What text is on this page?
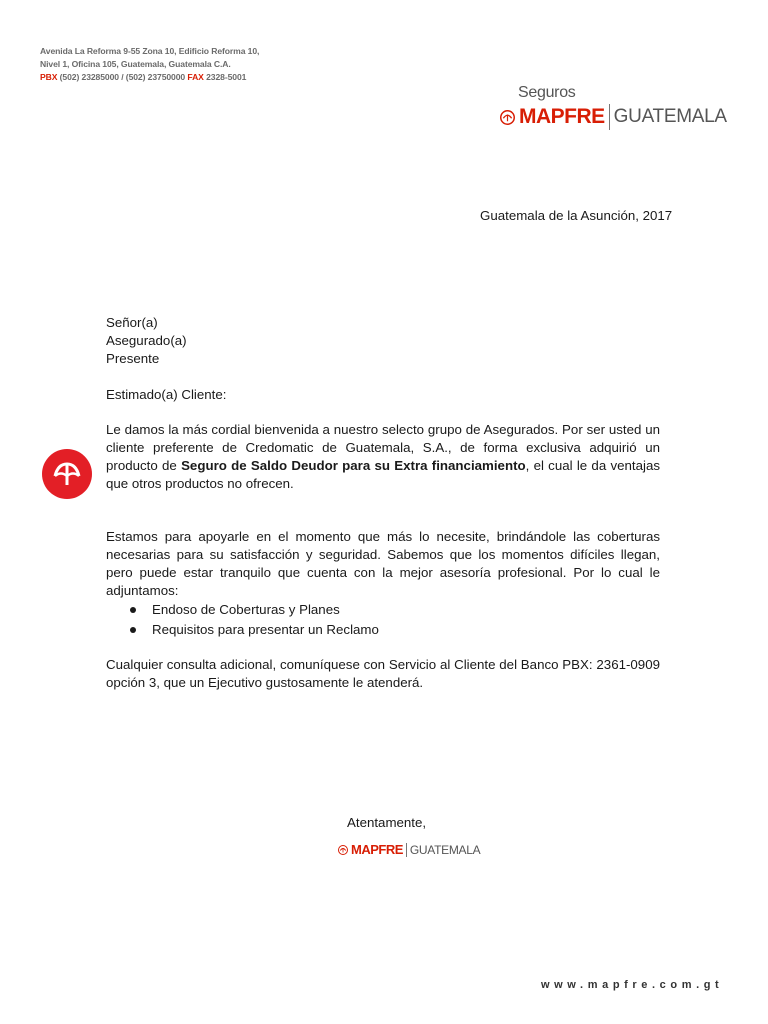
Avenida La Reforma 9-55 Zona 10, Edificio Reforma 10,
Nivel 1, Oficina 105, Guatemala, Guatemala C.A.
PBX (502) 23285000 / (502) 23750000 FAX 2328-5001
Seguros
MAPFRE GUATEMALA
Guatemala de la Asunción, 2017
Señor(a)
Asegurado(a)
Presente
Estimado(a) Cliente:
Le damos la más cordial bienvenida a nuestro selecto grupo de Asegurados. Por ser usted un cliente preferente de Credomatic de Guatemala, S.A., de forma exclusiva adquirió un producto de Seguro de Saldo Deudor para su Extra financiamiento, el cual le da ventajas que otros productos no ofrecen.
Estamos para apoyarle en el momento que más lo necesite, brindándole las coberturas necesarias para su satisfacción y seguridad. Sabemos que los momentos difíciles llegan, pero puede estar tranquilo que cuenta con la mejor asesoría profesional. Por lo cual le adjuntamos:
Endoso de Coberturas y Planes
Requisitos para presentar un Reclamo
Cualquier consulta adicional, comuníquese con Servicio al Cliente del Banco PBX: 2361-0909 opción 3, que un Ejecutivo gustosamente le atenderá.
Atentamente,
MAPFRE GUATEMALA
www.mapfre.com.gt
